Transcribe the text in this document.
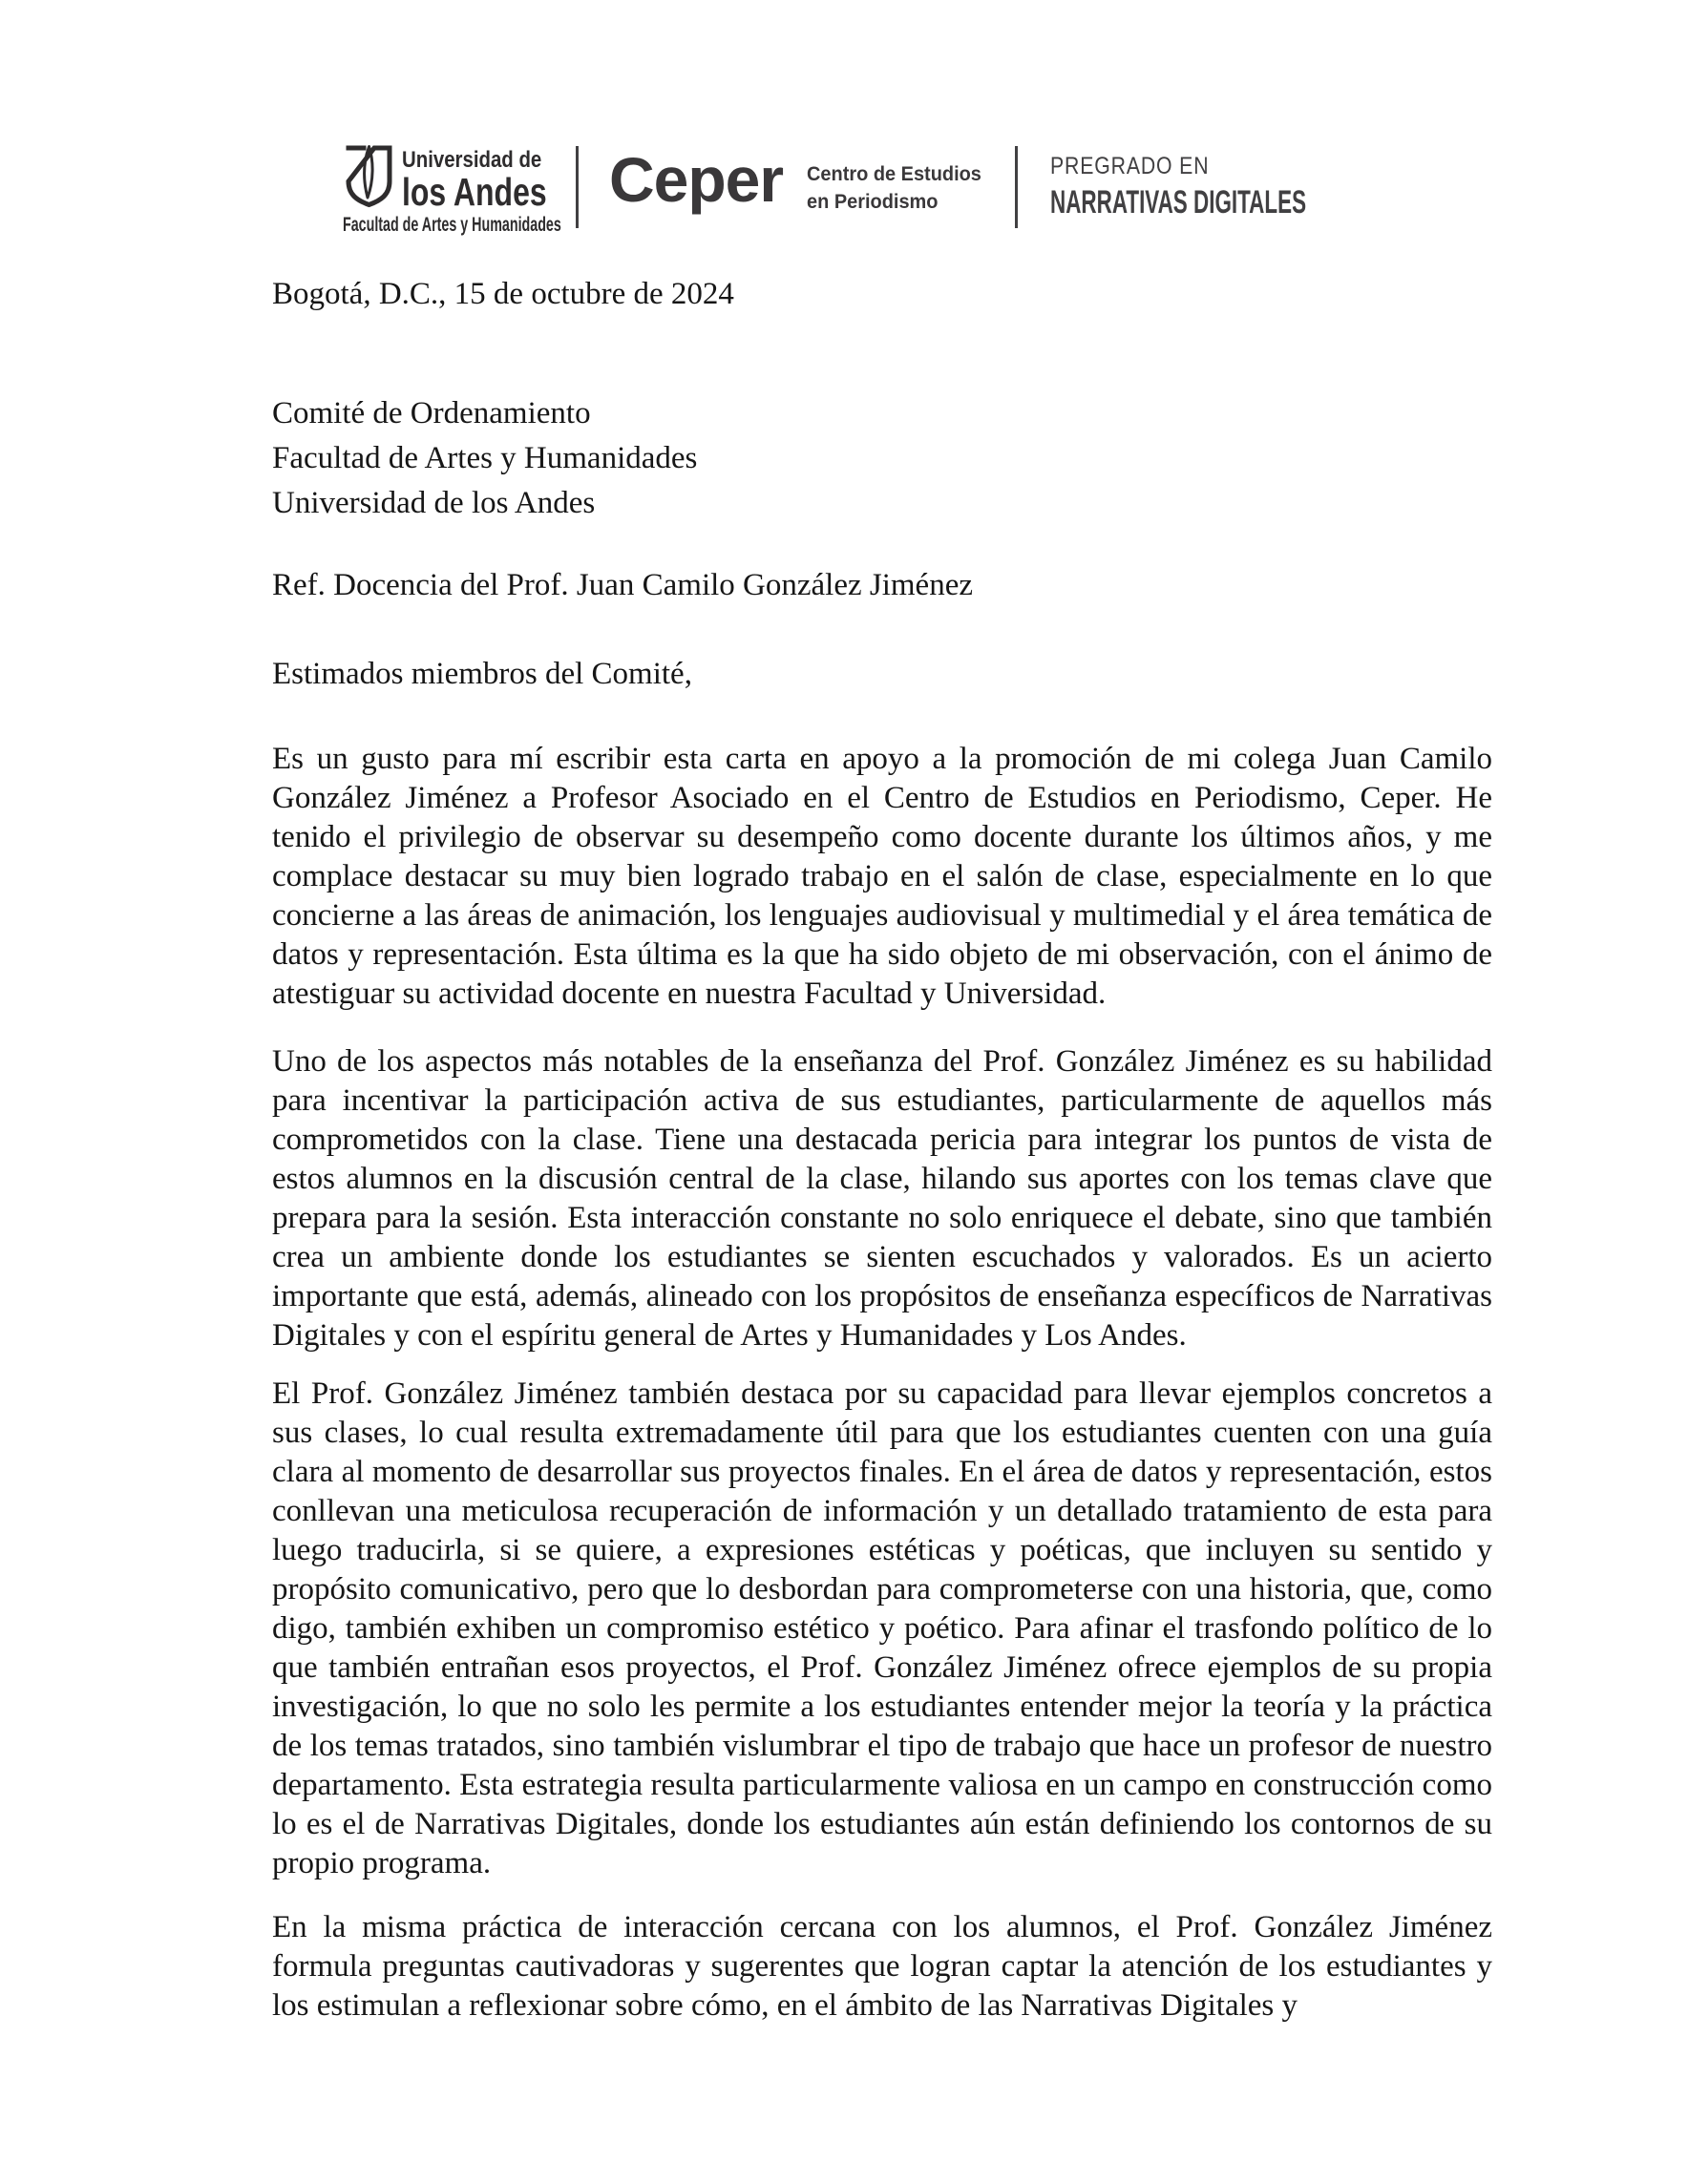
Universidad de
los Andes
Facultad de Artes y Humanidades
Ceper Centro de Estudios
en Periodismo
PREGRADO EN
NARRATIVAS DIGITALES
Bogotá, D.C., 15 de octubre de 2024
Comité de Ordenamiento
Facultad de Artes y Humanidades
Universidad de los Andes
Ref. Docencia del Prof. Juan Camilo González Jiménez
Estimados miembros del Comité,

Es un gusto para mí escribir esta carta en apoyo a la promoción de mi colega Juan Camilo González Jiménez a Profesor Asociado en el Centro de Estudios en Periodismo, Ceper. He tenido el privilegio de observar su desempeño como docente durante los últimos años, y me complace destacar su muy bien logrado trabajo en el salón de clase, especialmente en lo que concierne a las áreas de animación, los lenguajes audiovisual y multimedial y el área temática de datos y representación. Esta última es la que ha sido objeto de mi observación, con el ánimo de atestiguar su actividad docente en nuestra Facultad y Universidad.

Uno de los aspectos más notables de la enseñanza del Prof. González Jiménez es su habilidad para incentivar la participación activa de sus estudiantes, particularmente de aquellos más comprometidos con la clase. Tiene una destacada pericia para integrar los puntos de vista de estos alumnos en la discusión central de la clase, hilando sus aportes con los temas clave que prepara para la sesión. Esta interacción constante no solo enriquece el debate, sino que también crea un ambiente donde los estudiantes se sienten escuchados y valorados. Es un acierto importante que está, además, alineado con los propósitos de enseñanza específicos de Narrativas Digitales y con el espíritu general de Artes y Humanidades y Los Andes.

El Prof. González Jiménez también destaca por su capacidad para llevar ejemplos concretos a sus clases, lo cual resulta extremadamente útil para que los estudiantes cuenten con una guía clara al momento de desarrollar sus proyectos finales. En el área de datos y representación, estos conllevan una meticulosa recuperación de información y un detallado tratamiento de esta para luego traducirla, si se quiere, a expresiones estéticas y poéticas, que incluyen su sentido y propósito comunicativo, pero que lo desbordan para comprometerse con una historia, que, como digo, también exhiben un compromiso estético y poético. Para afinar el trasfondo político de lo que también entrañan esos proyectos, el Prof. González Jiménez ofrece ejemplos de su propia investigación, lo que no solo les permite a los estudiantes entender mejor la teoría y la práctica de los temas tratados, sino también vislumbrar el tipo de trabajo que hace un profesor de nuestro departamento. Esta estrategia resulta particularmente valiosa en un campo en construcción como lo es el de Narrativas Digitales, donde los estudiantes aún están definiendo los contornos de su propio programa.

En la misma práctica de interacción cercana con los alumnos, el Prof. González Jiménez formula preguntas cautivadoras y sugerentes que logran captar la atención de los estudiantes y los estimulan a reflexionar sobre cómo, en el ámbito de las Narrativas Digitales y
